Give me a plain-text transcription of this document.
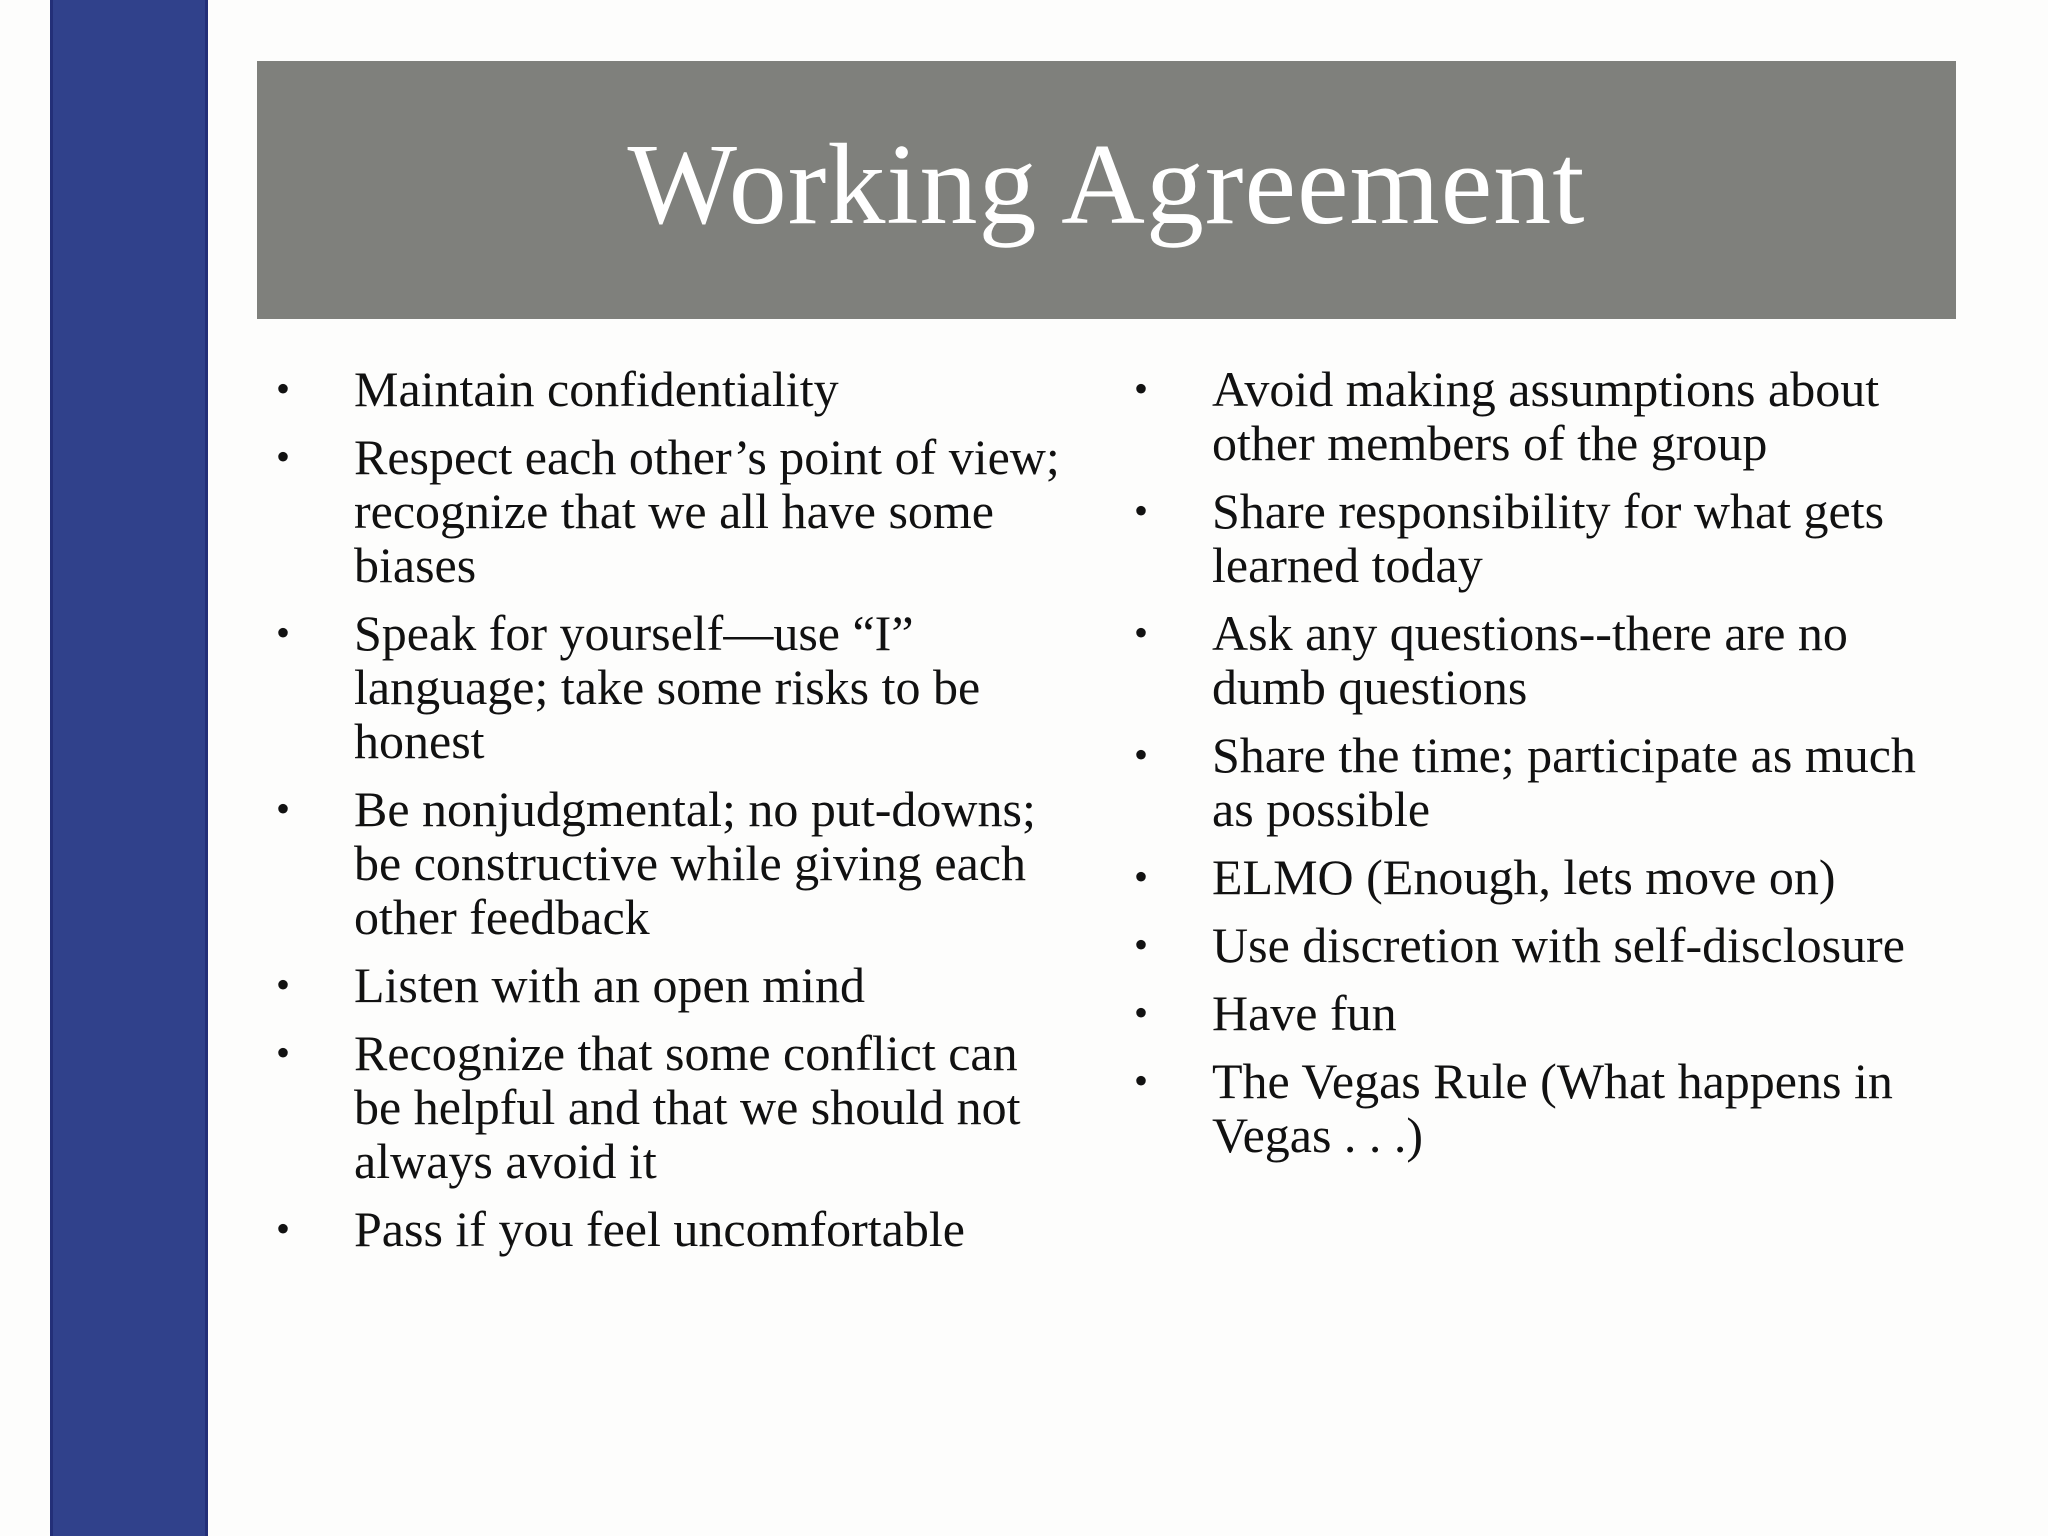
Working Agreement
• Maintain confidentiality
• Respect each other’s point of view; recognize that we all have some biases
• Speak for yourself—use “I” language; take some risks to be honest
• Be nonjudgmental; no put-downs; be constructive while giving each other feedback
• Listen with an open mind
• Recognize that some conflict can be helpful and that we should not always avoid it
• Pass if you feel uncomfortable
• Avoid making assumptions about other members of the group
• Share responsibility for what gets learned today
• Ask any questions--there are no dumb questions
• Share the time; participate as much as possible
• ELMO (Enough, lets move on)
• Use discretion with self-disclosure
• Have fun
• The Vegas Rule (What happens in Vegas . . .)
